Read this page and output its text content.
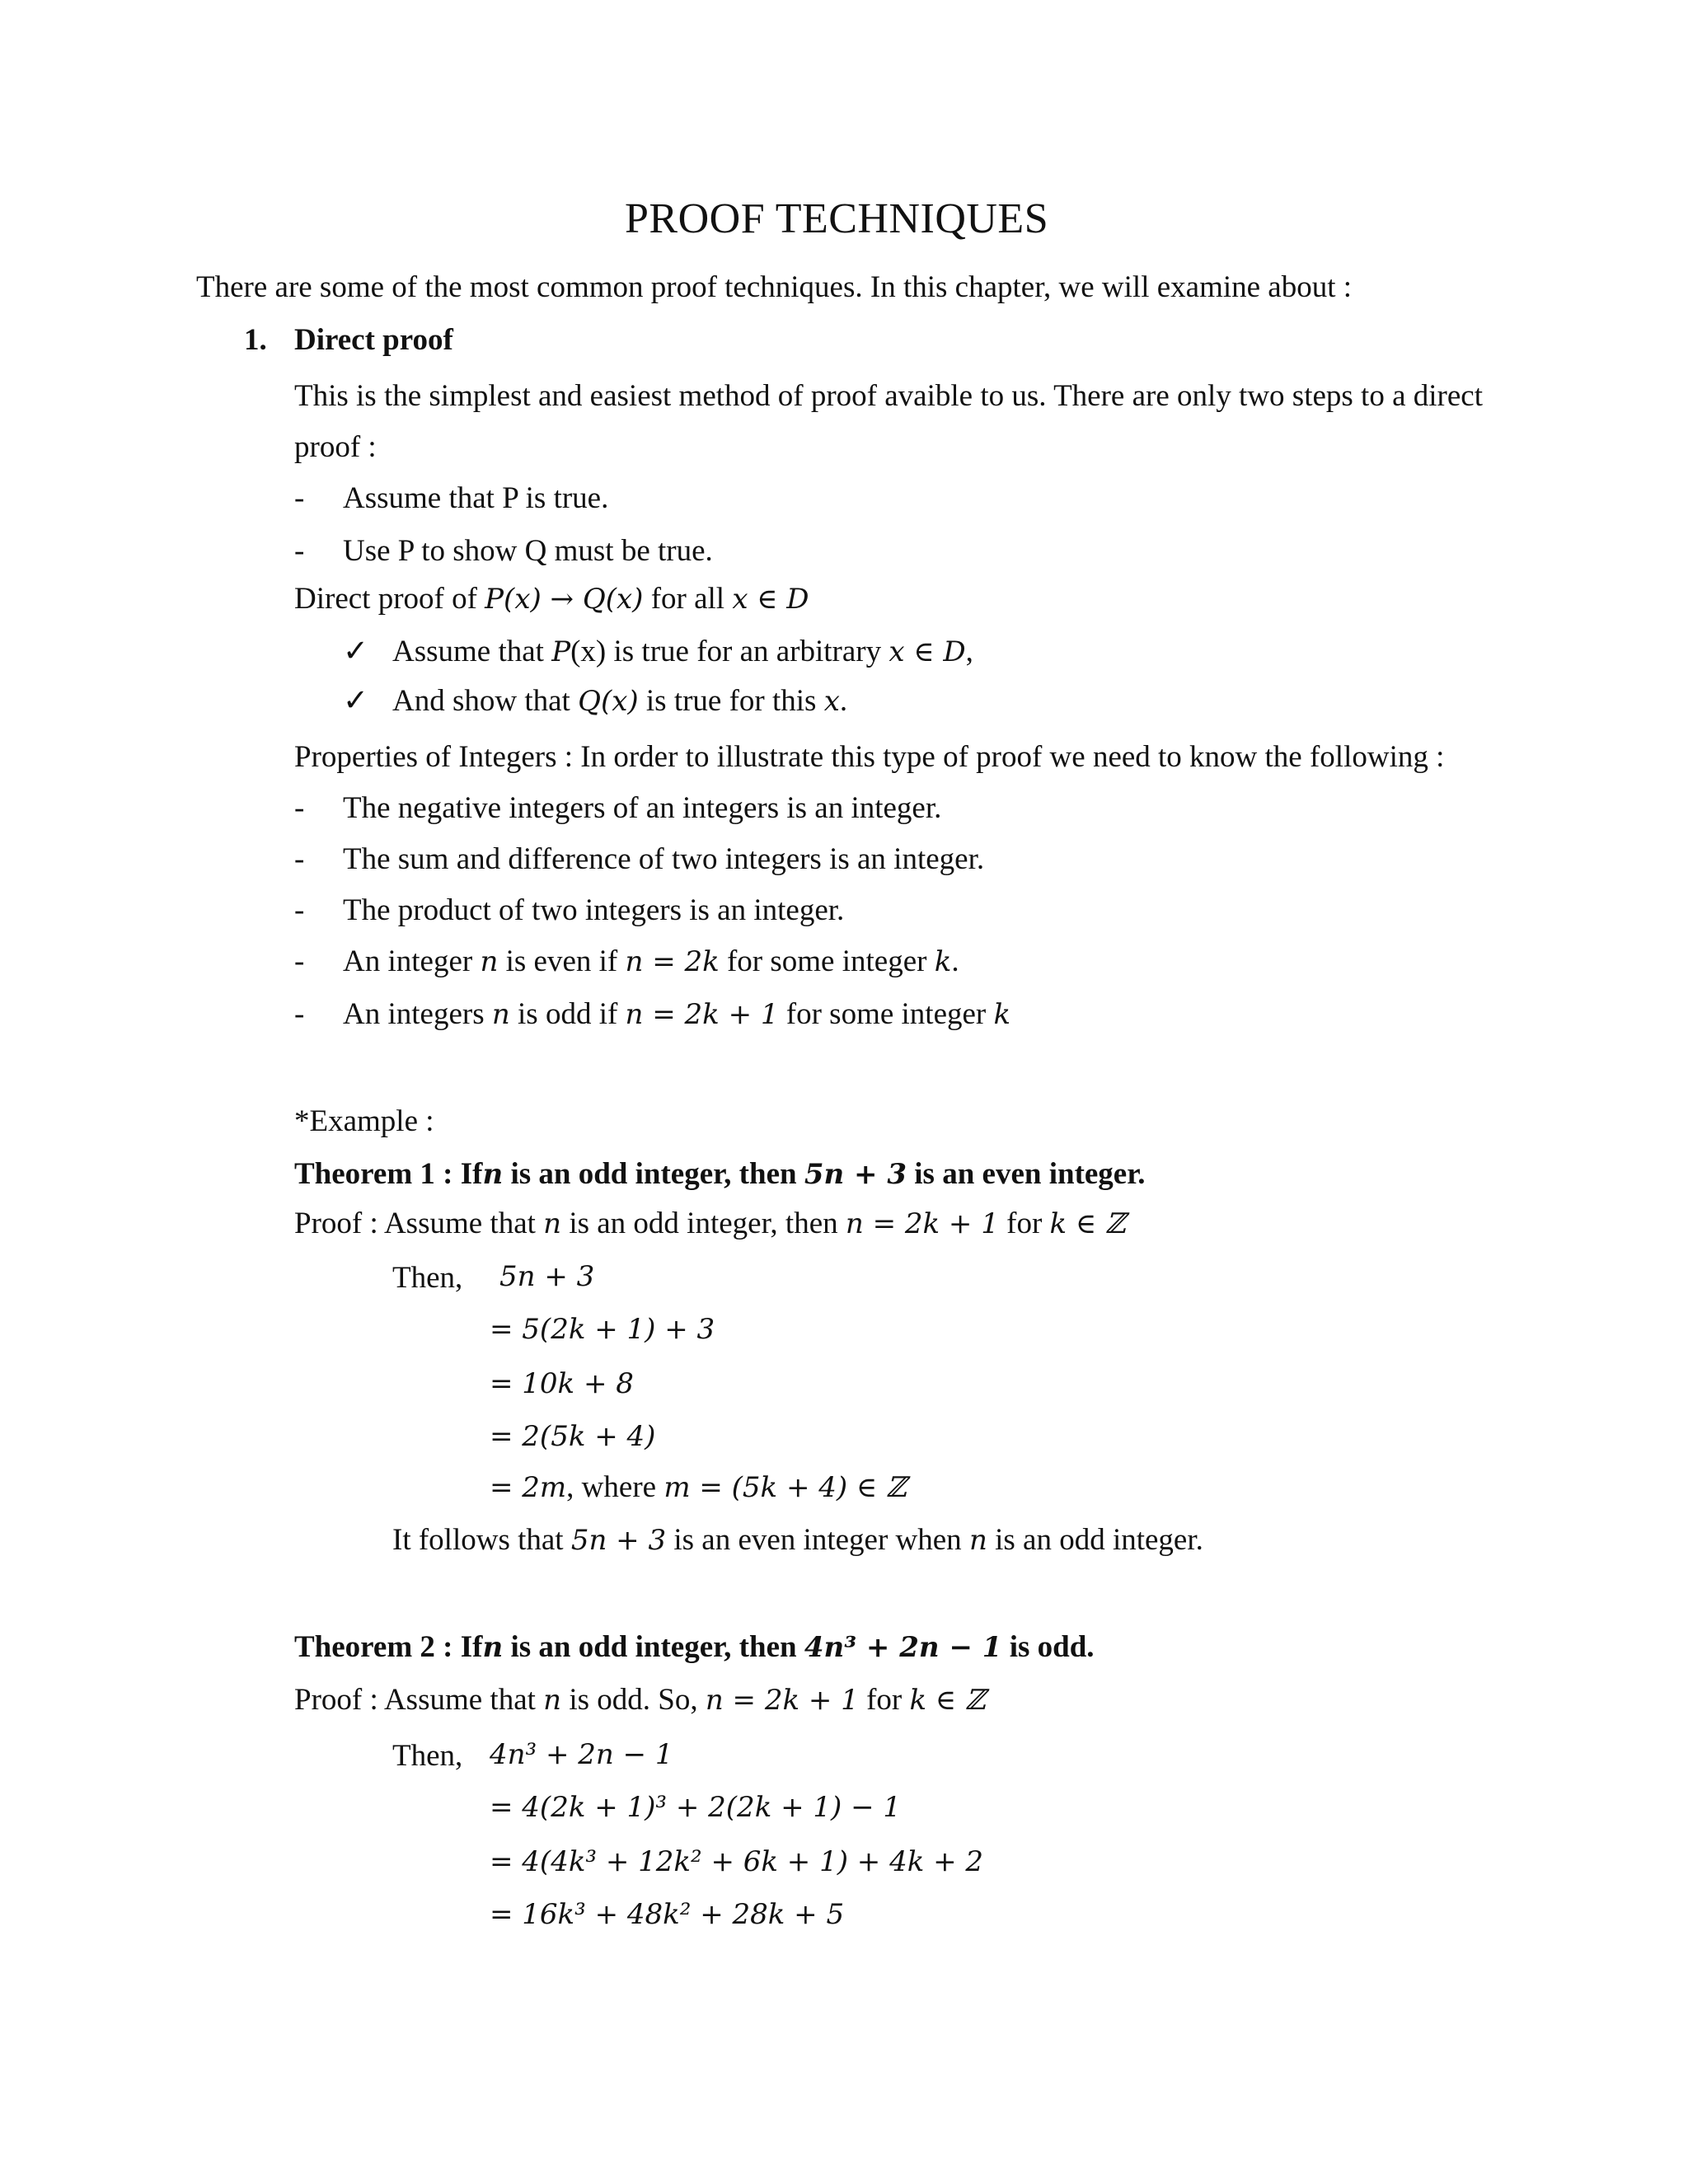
PROOF TECHNIQUES
There are some of the most common proof techniques. In this chapter, we will examine about :
1. Direct proof
This is the simplest and easiest method of proof avaible to us. There are only two steps to a direct
proof :
- Assume that P is true.
- Use P to show Q must be true.
Direct proof of P(x) → Q(x) for all x ∈ D
✓ Assume that P(x) is true for an arbitrary x ∈ D,
✓ And show that Q(x) is true for this x.
Properties of Integers : In order to illustrate this type of proof we need to know the following :
- The negative integers of an integers is an integer.
- The sum and difference of two integers is an integer.
- The product of two integers is an integer.
- An integer n is even if n = 2k for some integer k.
- An integers n is odd if n = 2k + 1 for some integer k
*Example :
Theorem 1 : Ifn is an odd integer, then 5n + 3 is an even integer.
Proof : Assume that n is an odd integer, then n = 2k + 1 for k ∈ ℤ
Then, 5n + 3
= 5(2k + 1) + 3
= 10k + 8
= 2(5k + 4)
= 2m, where m = (5k + 4) ∈ ℤ
It follows that 5n + 3 is an even integer when n is an odd integer.
Theorem 2 : Ifn is an odd integer, then 4n³ + 2n − 1 is odd.
Proof : Assume that n is odd. So, n = 2k + 1 for k ∈ ℤ
Then, 4n³ + 2n − 1
= 4(2k + 1)³ + 2(2k + 1) − 1
= 4(4k³ + 12k² + 6k + 1) + 4k + 2
= 16k³ + 48k² + 28k + 5
